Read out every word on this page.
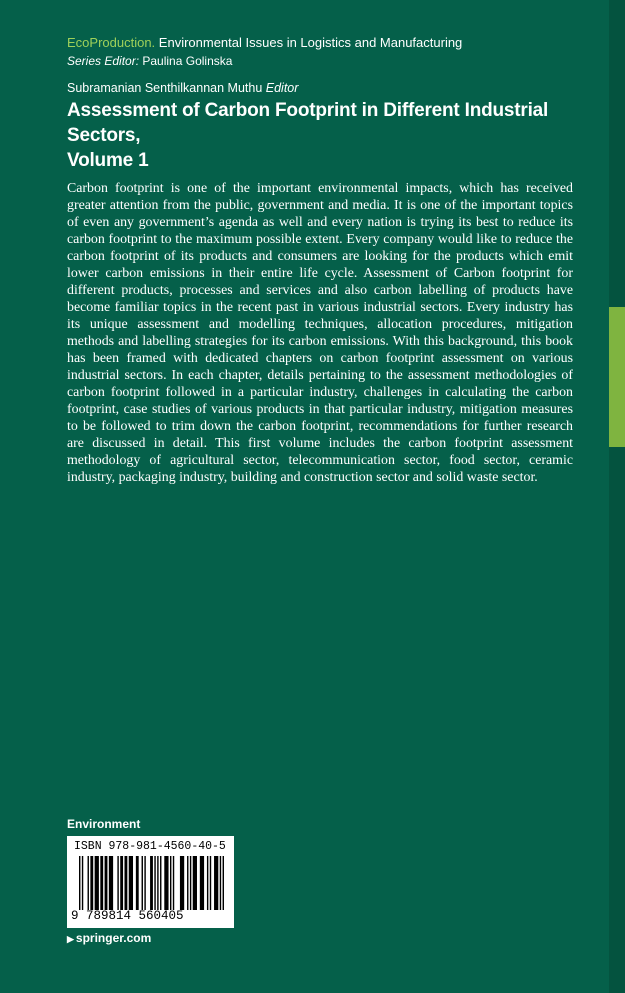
EcoProduction. Environmental Issues in Logistics and Manufacturing
Series Editor: Paulina Golinska
Subramanian Senthilkannan Muthu Editor
Assessment of Carbon Footprint in Different Industrial Sectors,
Volume 1
Carbon footprint is one of the important environmental impacts, which has received greater attention from the public, government and media. It is one of the important topics of even any government’s agenda as well and every nation is trying its best to reduce its carbon footprint to the maximum possible extent. Every company would like to reduce the carbon footprint of its products and consumers are looking for the products which emit lower carbon emissions in their entire life cycle. Assessment of Carbon footprint for different products, processes and services and also carbon labelling of products have become familiar topics in the recent past in various industrial sectors. Every industry has its unique assessment and modelling techniques, allocation procedures, mitigation methods and labelling strategies for its carbon emissions. With this background, this book has been framed with dedicated chapters on carbon footprint assessment on various industrial sectors. In each chapter, details pertaining to the assessment methodologies of carbon footprint followed in a particular industry, challenges in calculating the carbon footprint, case studies of various products in that particular industry, mitigation measures to be followed to trim down the carbon footprint, recommendations for further research are discussed in detail. This first volume includes the carbon footprint assessment methodology of agricultural sector, telecommunication sector, food sector, ceramic industry, packaging industry, building and construction sector and solid waste sector.
Environment
ISBN 978-981-4560-40-5
9 789814 560405
▶ springer.com
